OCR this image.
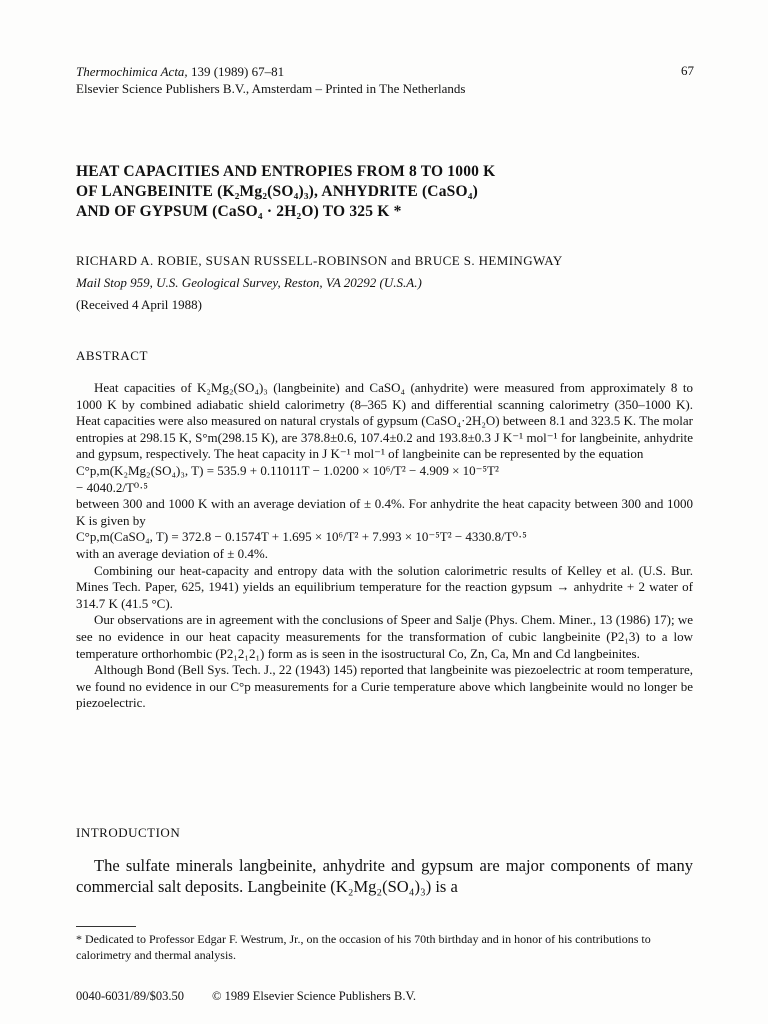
Thermochimica Acta, 139 (1989) 67–81
Elsevier Science Publishers B.V., Amsterdam – Printed in The Netherlands
67
HEAT CAPACITIES AND ENTROPIES FROM 8 TO 1000 K
OF LANGBEINITE (K₂Mg₂(SO₄)₃), ANHYDRITE (CaSO₄)
AND OF GYPSUM (CaSO₄ · 2H₂O) TO 325 K *
RICHARD A. ROBIE, SUSAN RUSSELL-ROBINSON and BRUCE S. HEMINGWAY
Mail Stop 959, U.S. Geological Survey, Reston, VA 20292 (U.S.A.)
(Received 4 April 1988)
ABSTRACT

Heat capacities of K₂Mg₂(SO₄)₃ (langbeinite) and CaSO₄ (anhydrite) were measured from approximately 8 to 1000 K by combined adiabatic shield calorimetry (8–365 K) and differential scanning calorimetry (350–1000 K). Heat capacities were also measured on natural crystals of gypsum (CaSO₄·2H₂O) between 8.1 and 323.5 K. The molar entropies at 298.15 K, S°m(298.15 K), are 378.8±0.6, 107.4±0.2 and 193.8±0.3 J K⁻¹ mol⁻¹ for langbeinite, anhydrite and gypsum, respectively. The heat capacity in J K⁻¹ mol⁻¹ of langbeinite can be represented by the equation

C°p,m(K₂Mg₂(SO₄)₃, T) = 535.9 + 0.11011T − 1.0200 × 10⁶/T² − 4.909 × 10⁻⁵T²

− 4040.2/T⁰·⁵

between 300 and 1000 K with an average deviation of ± 0.4%. For anhydrite the heat capacity between 300 and 1000 K is given by

C°p,m(CaSO₄, T) = 372.8 − 0.1574T + 1.695 × 10⁶/T² + 7.993 × 10⁻⁵T² − 4330.8/T⁰·⁵

with an average deviation of ± 0.4%.

Combining our heat-capacity and entropy data with the solution calorimetric results of Kelley et al. (U.S. Bur. Mines Tech. Paper, 625, 1941) yields an equilibrium temperature for the reaction gypsum → anhydrite + 2 water of 314.7 K (41.5 °C).

Our observations are in agreement with the conclusions of Speer and Salje (Phys. Chem. Miner., 13 (1986) 17); we see no evidence in our heat capacity measurements for the transformation of cubic langbeinite (P2₁3) to a low temperature orthorhombic (P2₁2₁2₁) form as is seen in the isostructural Co, Zn, Ca, Mn and Cd langbeinites.

Although Bond (Bell Sys. Tech. J., 22 (1943) 145) reported that langbeinite was piezoelectric at room temperature, we found no evidence in our C°p measurements for a Curie temperature above which langbeinite would no longer be piezoelectric.

INTRODUCTION
The sulfate minerals langbeinite, anhydrite and gypsum are major components of many commercial salt deposits. Langbeinite (K₂Mg₂(SO₄)₃) is a
* Dedicated to Professor Edgar F. Westrum, Jr., on the occasion of his 70th birthday and in honor of his contributions to calorimetry and thermal analysis.
0040-6031/89/$03.50 © 1989 Elsevier Science Publishers B.V.
